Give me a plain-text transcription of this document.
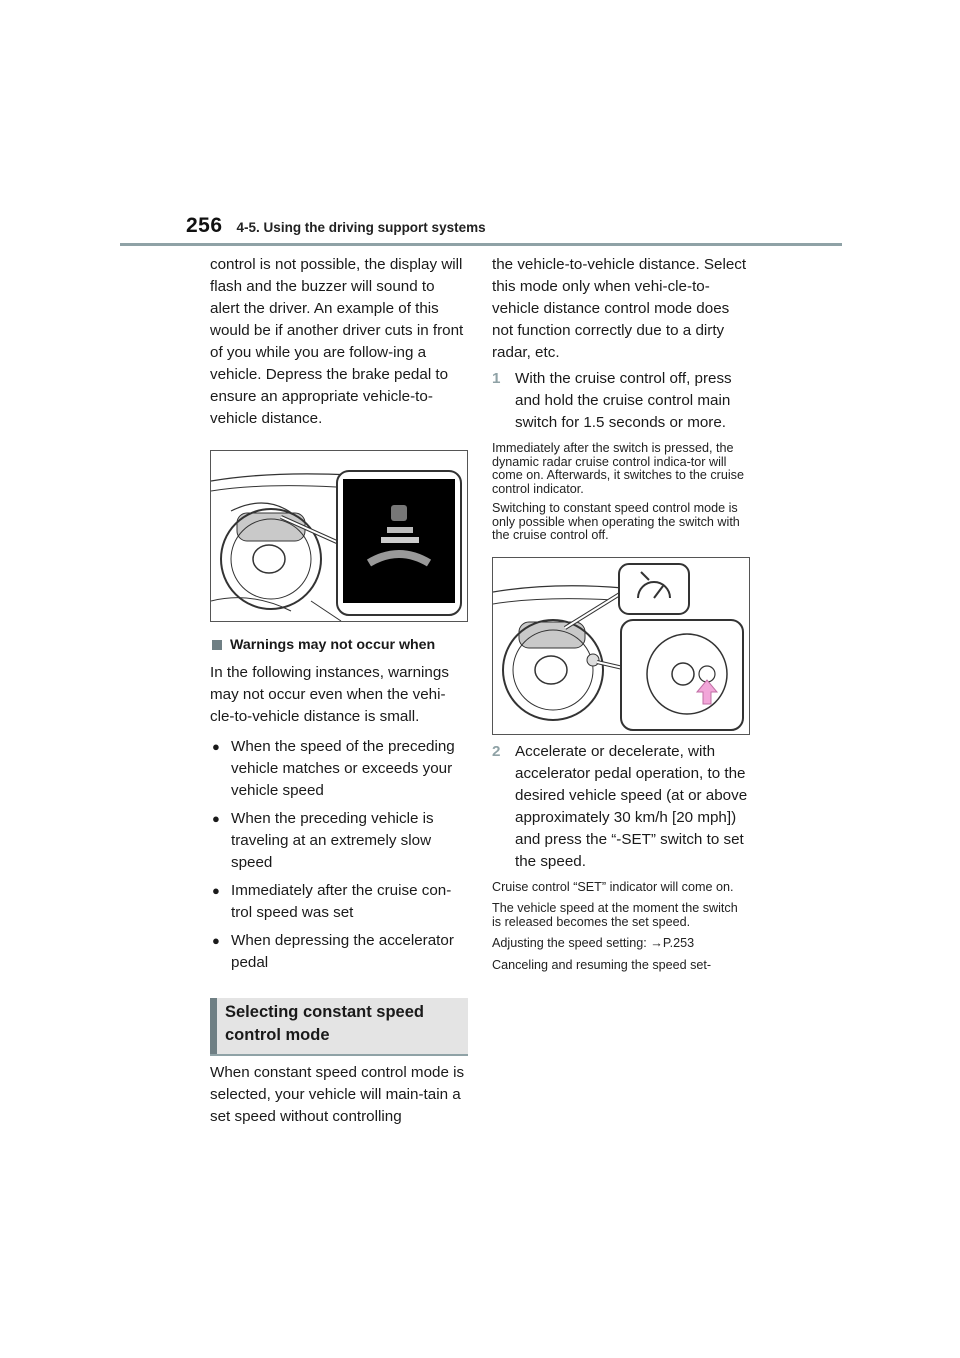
256 4-5. Using the driving support systems

control is not possible, the display will flash and the buzzer will sound to alert the driver. An example of this would be if another driver cuts in front of you while you are follow-ing a vehicle. Depress the brake pedal to ensure an appropriate vehicle-to-vehicle distance.

Warnings may not occur when

In the following instances, warnings may not occur even when the vehi-cle-to-vehicle distance is small.

● When the speed of the preceding vehicle matches or exceeds your vehicle speed
● When the preceding vehicle is traveling at an extremely slow speed
● Immediately after the cruise con-trol speed was set
● When depressing the accelerator pedal
Selecting constant speed control mode

When constant speed control mode is selected, your vehicle will main-tain a set speed without controlling

the vehicle-to-vehicle distance. Select this mode only when vehi-cle-to-vehicle distance control mode does not function correctly due to a dirty radar, etc.

1 With the cruise control off, press and hold the cruise control main switch for 1.5 seconds or more.

Immediately after the switch is pressed, the dynamic radar cruise control indica-tor will come on. Afterwards, it switches to the cruise control indicator.

Switching to constant speed control mode is only possible when operating the switch with the cruise control off.

2 Accelerate or decelerate, with accelerator pedal operation, to the desired vehicle speed (at or above approximately 30 km/h [20 mph]) and press the “-SET” switch to set the speed.

Cruise control “SET” indicator will come on.

The vehicle speed at the moment the switch is released becomes the set speed.

Adjusting the speed setting: →P.253

Canceling and resuming the speed set-
